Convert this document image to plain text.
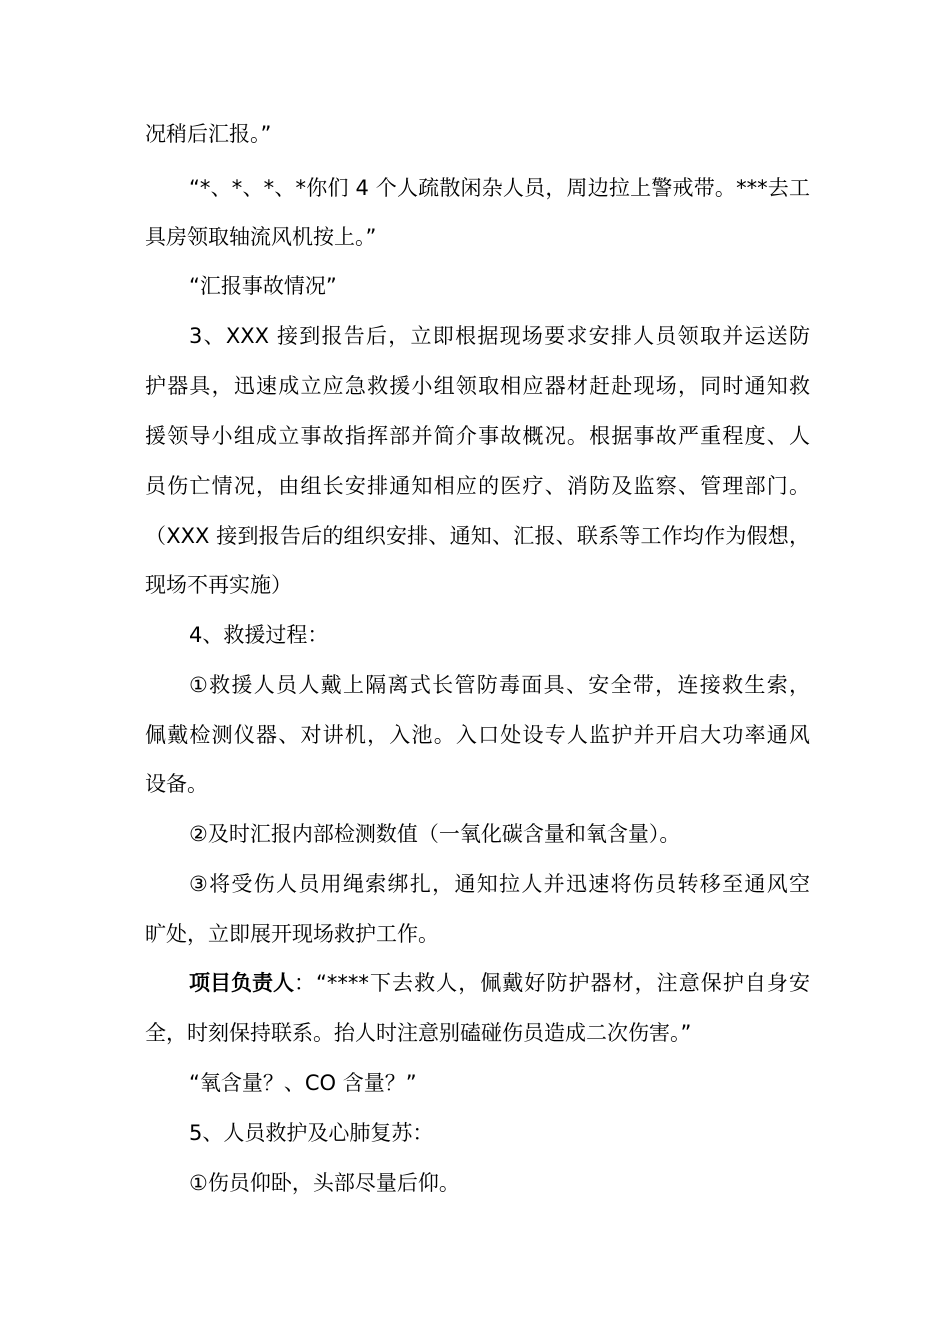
况稍后汇报。”
“*、*、*、*你们 4 个人疏散闲杂人员，周边拉上警戒带。***去工
具房领取轴流风机按上。”
“汇报事故情况”
3、XXX 接到报告后，立即根据现场要求安排人员领取并运送防
护器具，迅速成立应急救援小组领取相应器材赶赴现场，同时通知救
援领导小组成立事故指挥部并简介事故概况。根据事故严重程度、人
员伤亡情况，由组长安排通知相应的医疗、消防及监察、管理部门。
（XXX 接到报告后的组织安排、通知、汇报、联系等工作均作为假想，
现场不再实施）
4、救援过程：
①救援人员人戴上隔离式长管防毒面具、安全带，连接救生索，
佩戴检测仪器、对讲机，入池。入口处设专人监护并开启大功率通风
设备。
②及时汇报内部检测数值（一氧化碳含量和氧含量）。
③将受伤人员用绳索绑扎，通知拉人并迅速将伤员转移至通风空
旷处，立即展开现场救护工作。
项目负责人 ：“****下去救人，佩戴好防护器材，注意保护自身安
全，时刻保持联系。抬人时注意别磕碰伤员造成二次伤害。”
“氧含量？、CO 含量？”
5、人员救护及心肺复苏：
①伤员仰卧，头部尽量后仰。
